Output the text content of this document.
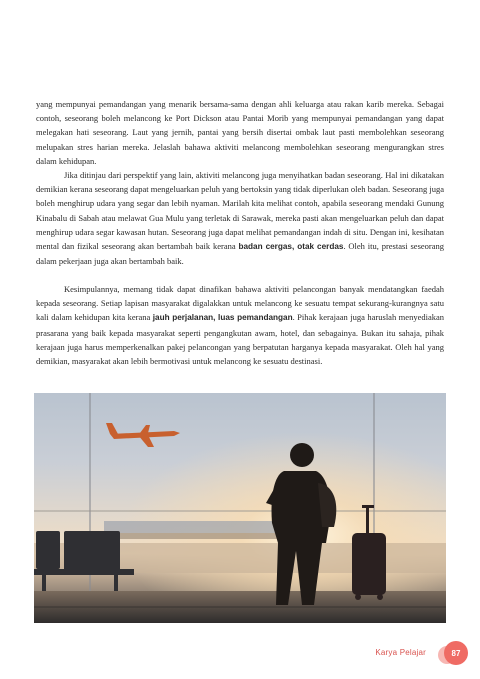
yang mempunyai pemandangan yang menarik bersama-sama dengan ahli keluarga atau rakan karib mereka. Sebagai contoh, seseorang boleh melancong ke Port Dickson atau Pantai Morib yang mempunyai pemandangan yang dapat melegakan hati seseorang. Laut yang jernih, pantai yang bersih disertai ombak laut pasti membolehkan seseorang melupakan stres harian mereka. Jelaslah bahawa aktiviti melancong membolehkan seseorang mengurangkan stres dalam kehidupan.

Jika ditinjau dari perspektif yang lain, aktiviti melancong juga menyihatkan badan seseorang. Hal ini dikatakan demikian kerana seseorang dapat mengeluarkan peluh yang bertoksin yang tidak diperlukan oleh badan. Seseorang juga boleh menghirup udara yang segar dan lebih nyaman. Marilah kita melihat contoh, apabila seseorang mendaki Gunung Kinabalu di Sabah atau melawat Gua Mulu yang terletak di Sarawak, mereka pasti akan mengeluarkan peluh dan dapat menghirup udara segar kawasan hutan. Seseorang juga dapat melihat pemandangan indah di situ. Dengan ini, kesihatan mental dan fizikal seseorang akan bertambah baik kerana badan cergas, otak cerdas. Oleh itu, prestasi seseorang dalam pekerjaan juga akan bertambah baik.

Kesimpulannya, memang tidak dapat dinafikan bahawa aktiviti pelancongan banyak mendatangkan faedah kepada seseorang. Setiap lapisan masyarakat digalakkan untuk melancong ke sesuatu tempat sekurang-kurangnya satu kali dalam kehidupan kita kerana jauh perjalanan, luas pemandangan. Pihak kerajaan juga haruslah menyediakan prasarana yang baik kepada masyarakat seperti pengangkutan awam, hotel, dan sebagainya. Bukan itu sahaja, pihak kerajaan juga harus memperkenalkan pakej pelancongan yang berpatutan harganya kepada masyarakat. Oleh hal yang demikian, masyarakat akan lebih bermotivasi untuk melancong ke sesuatu destinasi.

Karya Pelajar	87
